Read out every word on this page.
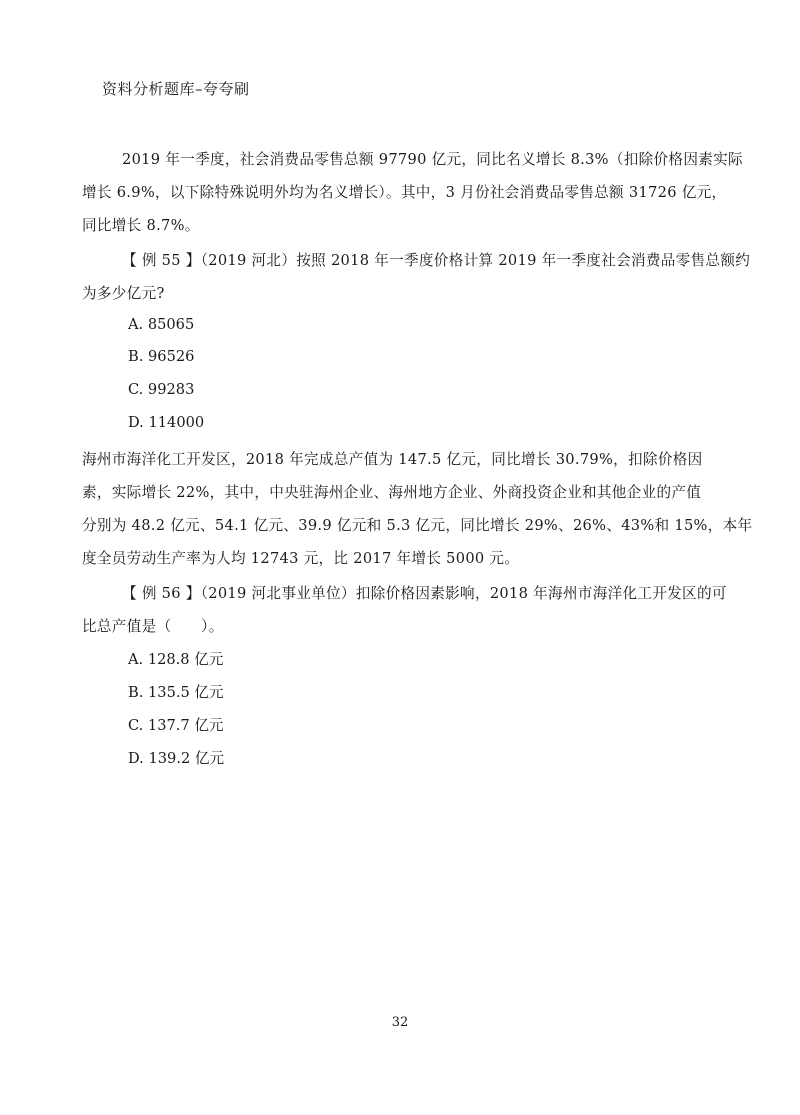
资料分析题库–夸夸刷
2019 年一季度，社会消费品零售总额 97790 亿元，同比名义增长 8.3%（扣除价格因素实际
增长 6.9%，以下除特殊说明外均为名义增长）。其中，3 月份社会消费品零售总额 31726 亿元，
同比增长 8.7%。
【 例 55 】（2019 河北）按照 2018 年一季度价格计算 2019 年一季度社会消费品零售总额约
为多少亿元?
A. 85065
B. 96526
C. 99283
D. 114000
海州市海洋化工开发区，2018 年完成总产值为 147.5 亿元，同比增长 30.79%，扣除价格因
素，实际增长 22%，其中，中央驻海州企业、海州地方企业、外商投资企业和其他企业的产值
分别为 48.2 亿元、54.1 亿元、39.9 亿元和 5.3 亿元，同比增长 29%、26%、43%和 15%，本年
度全员劳动生产率为人均 12743 元，比 2017 年增长 5000 元。
【 例 56 】（2019 河北事业单位）扣除价格因素影响，2018 年海州市海洋化工开发区的可
比总产值是（　　）。
A. 128.8 亿元
B. 135.5 亿元
C. 137.7 亿元
D. 139.2 亿元
32
